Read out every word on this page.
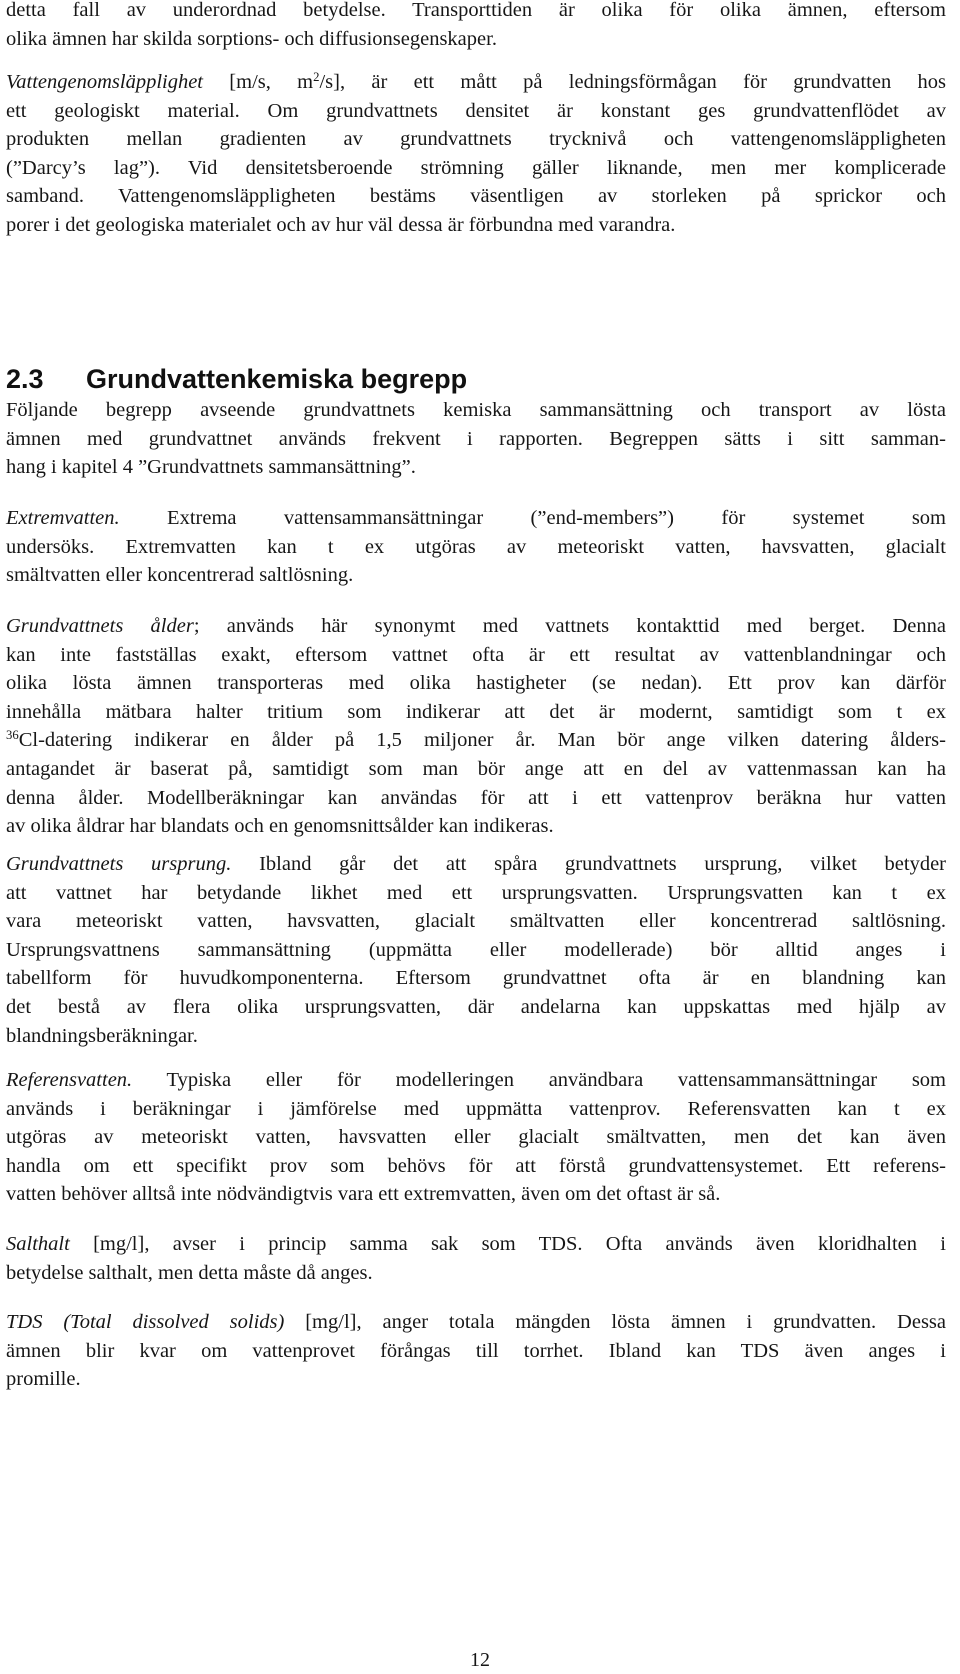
detta fall av underordnad betydelse. Transporttiden är olika för olika ämnen, eftersom
olika ämnen har skilda sorptions- och diffusionsegenskaper.
Vattengenomsläpplighet [m/s, $m^2/s$], är ett mått på ledningsförmågan för grundvatten hos
ett geologiskt material. Om grundvattnets densitet är konstant ges grundvattenflödet av
produkten mellan gradienten av grundvattnets trycknivå och vattengenomsläppligheten
(”Darcy’s lag”). Vid densitetsberoende strömning gäller liknande, men mer komplicerade
samband. Vattengenomsläppligheten bestäms väsentligen av storleken på sprickor och
porer i det geologiska materialet och av hur väl dessa är förbundna med varandra.
2.3 Grundvattenkemiska begrepp
Följande begrepp avseende grundvattnets kemiska sammansättning och transport av lösta
ämnen med grundvattnet används frekvent i rapporten. Begreppen sätts i sitt samman-
hang i kapitel 4 ”Grundvattnets sammansättning”.
Extremvatten. Extrema vattensammansättningar (”end-members”) för systemet som
undersöks. Extremvatten kan t ex utgöras av meteoriskt vatten, havsvatten, glacialt
smältvatten eller koncentrerad saltlösning.
Grundvattnets ålder; används här synonymt med vattnets kontakttid med berget. Denna
kan inte fastställas exakt, eftersom vattnet ofta är ett resultat av vattenblandningar och
olika lösta ämnen transporteras med olika hastigheter (se nedan). Ett prov kan därför
innehålla mätbara halter tritium som indikerar att det är modernt, samtidigt som t ex
$^{36}$Cl-datering indikerar en ålder på 1,5 miljoner år. Man bör ange vilken datering ålders-
antagandet är baserat på, samtidigt som man bör ange att en del av vattenmassan kan ha
denna ålder. Modellberäkningar kan användas för att i ett vattenprov beräkna hur vatten
av olika åldrar har blandats och en genomsnittsålder kan indikeras.
Grundvattnets ursprung. Ibland går det att spåra grundvattnets ursprung, vilket betyder
att vattnet har betydande likhet med ett ursprungsvatten. Ursprungsvatten kan t ex
vara meteoriskt vatten, havsvatten, glacialt smältvatten eller koncentrerad saltlösning.
Ursprungsvattnens sammansättning (uppmätta eller modellerade) bör alltid anges i
tabellform för huvudkomponenterna. Eftersom grundvattnet ofta är en blandning kan
det bestå av flera olika ursprungsvatten, där andelarna kan uppskattas med hjälp av
blandningsberäkningar.
Referensvatten. Typiska eller för modelleringen användbara vattensammansättningar som
används i beräkningar i jämförelse med uppmätta vattenprov. Referensvatten kan t ex
utgöras av meteoriskt vatten, havsvatten eller glacialt smältvatten, men det kan även
handla om ett specifikt prov som behövs för att förstå grundvattensystemet. Ett referens-
vatten behöver alltså inte nödvändigtvis vara ett extremvatten, även om det oftast är så.
Salthalt [mg/l], avser i princip samma sak som TDS. Ofta används även kloridhalten i
betydelse salthalt, men detta måste då anges.
TDS (Total dissolved solids) [mg/l], anger totala mängden lösta ämnen i grundvatten. Dessa
ämnen blir kvar om vattenprovet förångas till torrhet. Ibland kan TDS även anges i
promille.
12
